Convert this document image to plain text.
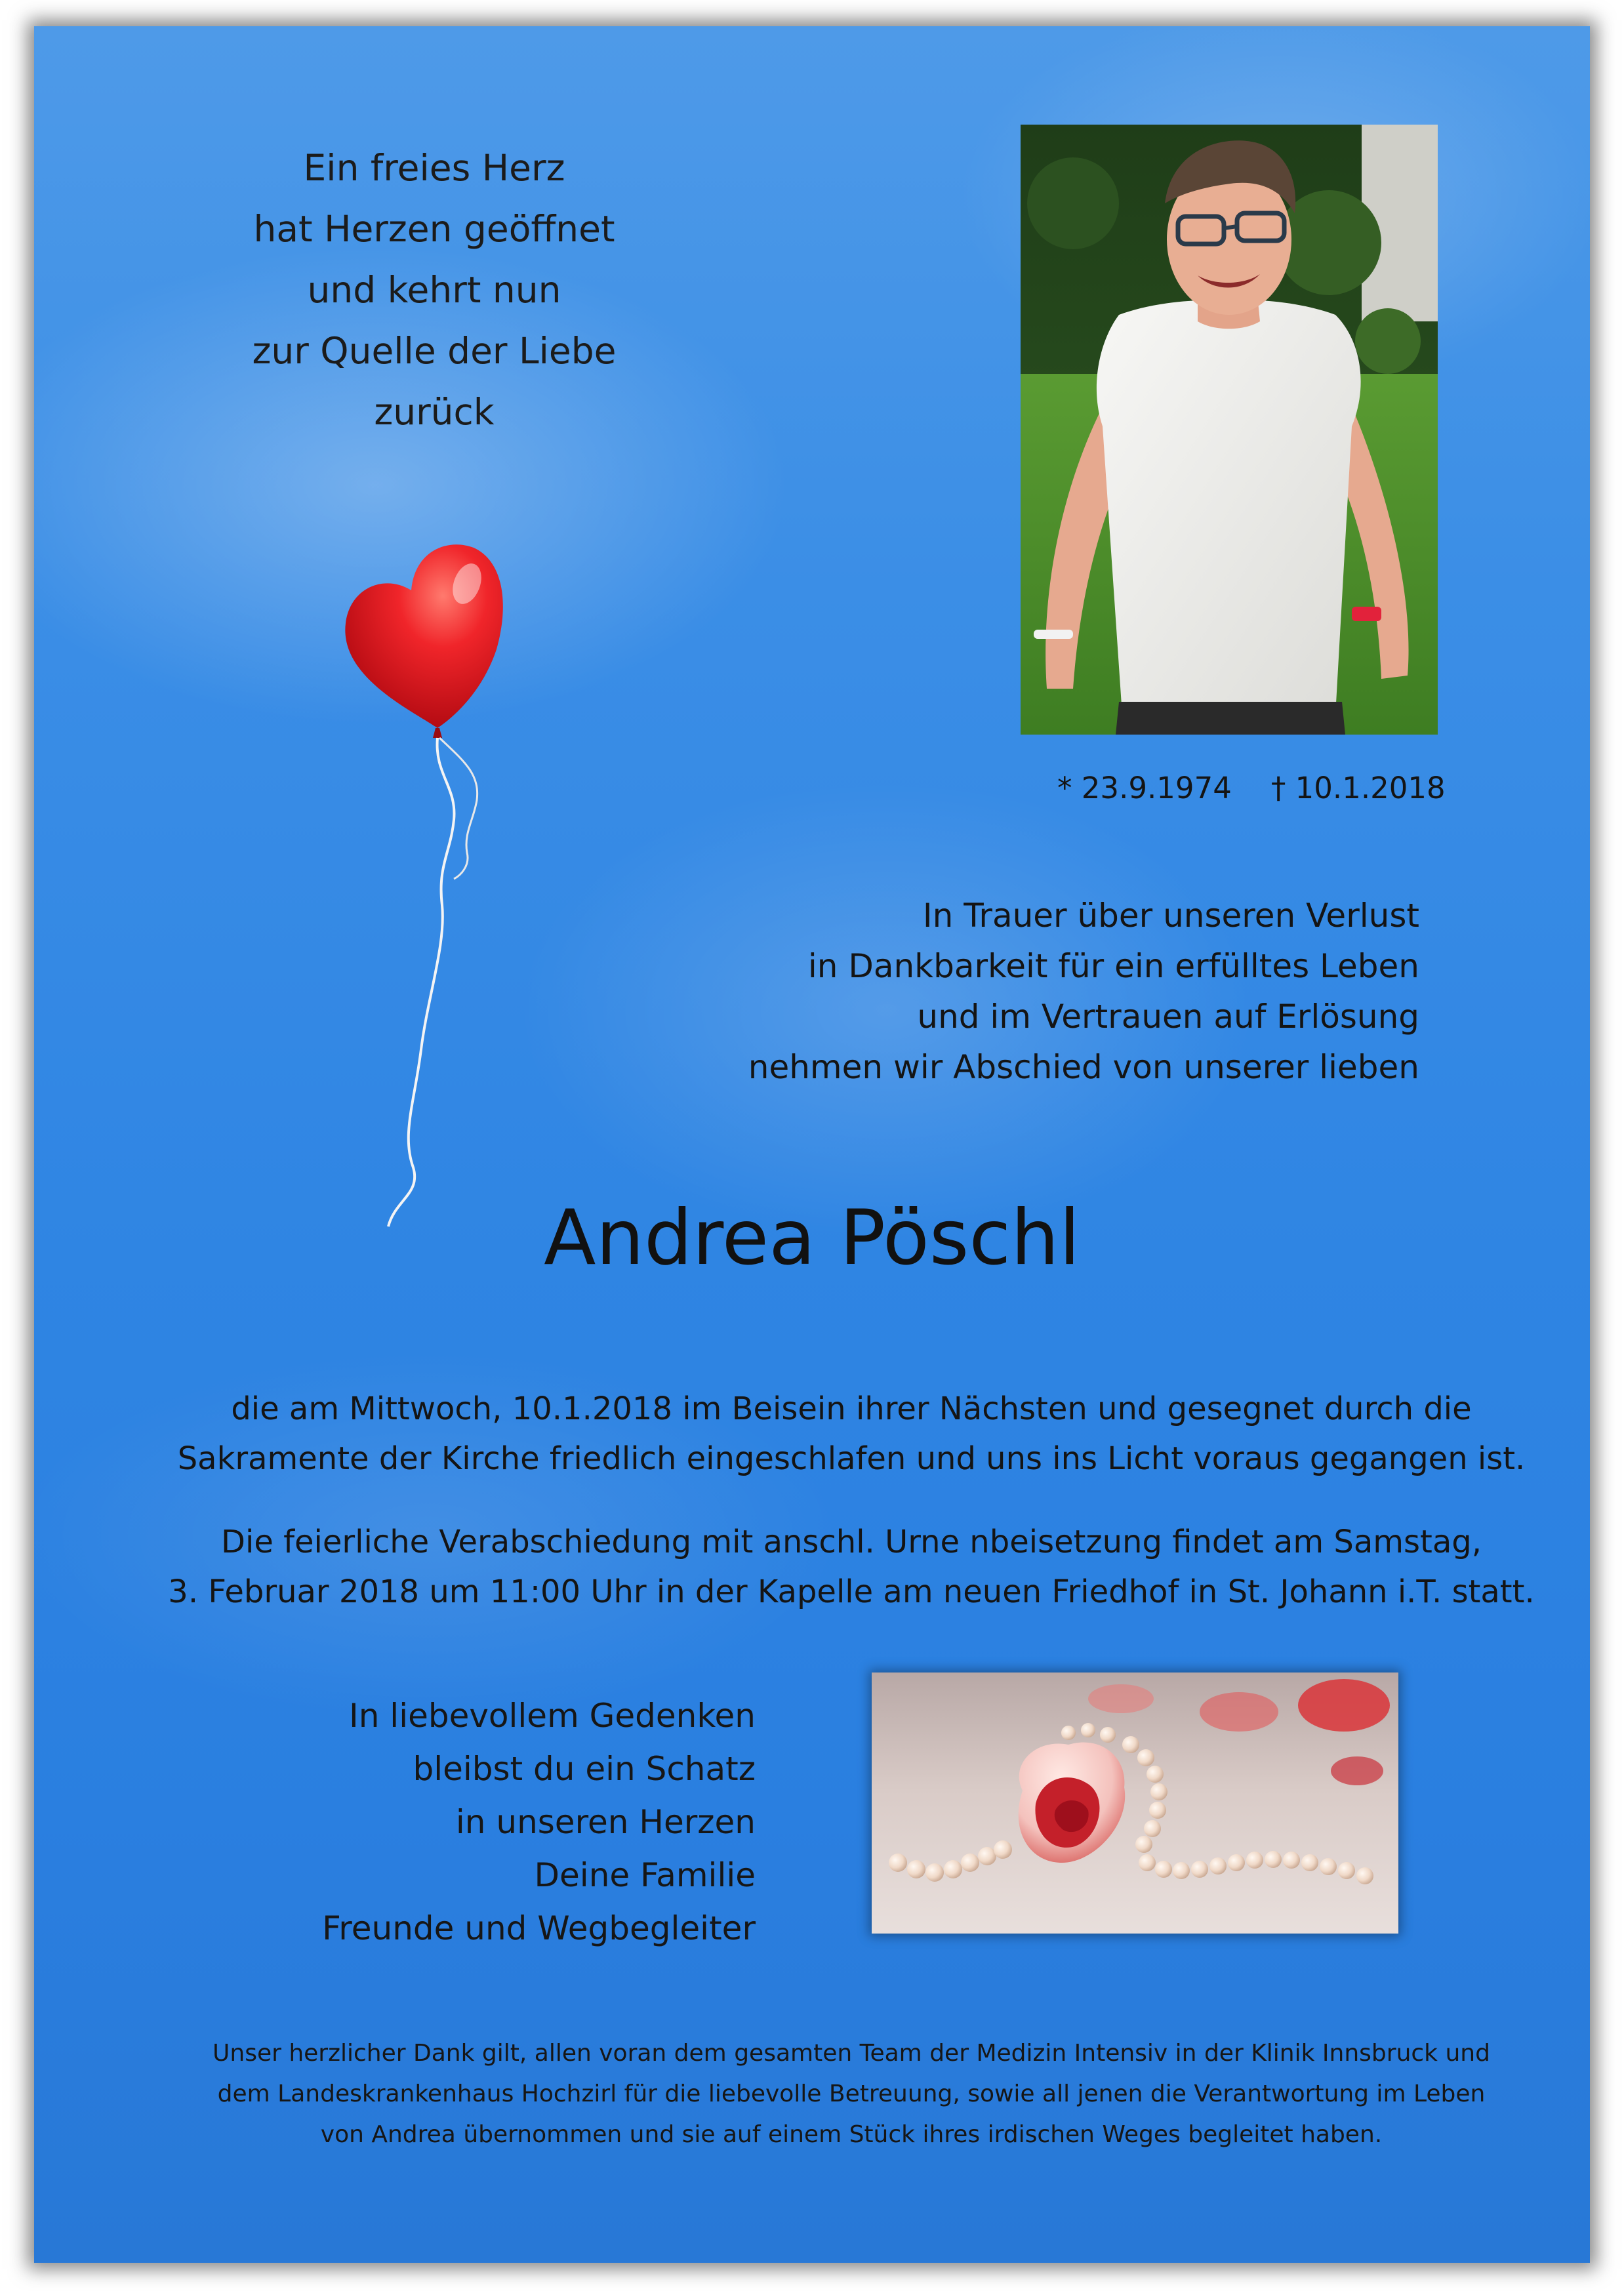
Ein freies Herz
hat Herzen geöffnet
und kehrt nun
zur Quelle der Liebe
zurück
* 23.9.1974 † 10.1.2018
In Trauer über unseren Verlust
in Dankbarkeit für ein erfülltes Leben
und im Vertrauen auf Erlösung
nehmen wir Abschied von unserer lieben
Andrea Pöschl
die am Mittwoch, 10.1.2018 im Beisein ihrer Nächsten und gesegnet durch die
Sakramente der Kirche friedlich eingeschlafen und uns ins Licht voraus gegangen ist.
Die feierliche Verabschiedung mit anschl. Urne nbeisetzung findet am Samstag,
3. Februar 2018 um 11:00 Uhr in der Kapelle am neuen Friedhof in St. Johann i.T. statt.
In liebevollem Gedenken
bleibst du ein Schatz
in unseren Herzen
Deine Familie
Freunde und Wegbegleiter
Unser herzlicher Dank gilt, allen voran dem gesamten Team der Medizin Intensiv in der Klinik Innsbruck und
dem Landeskrankenhaus Hochzirl für die liebevolle Betreuung, sowie all jenen die Verantwortung im Leben
von Andrea übernommen und sie auf einem Stück ihres irdischen Weges begleitet haben.
